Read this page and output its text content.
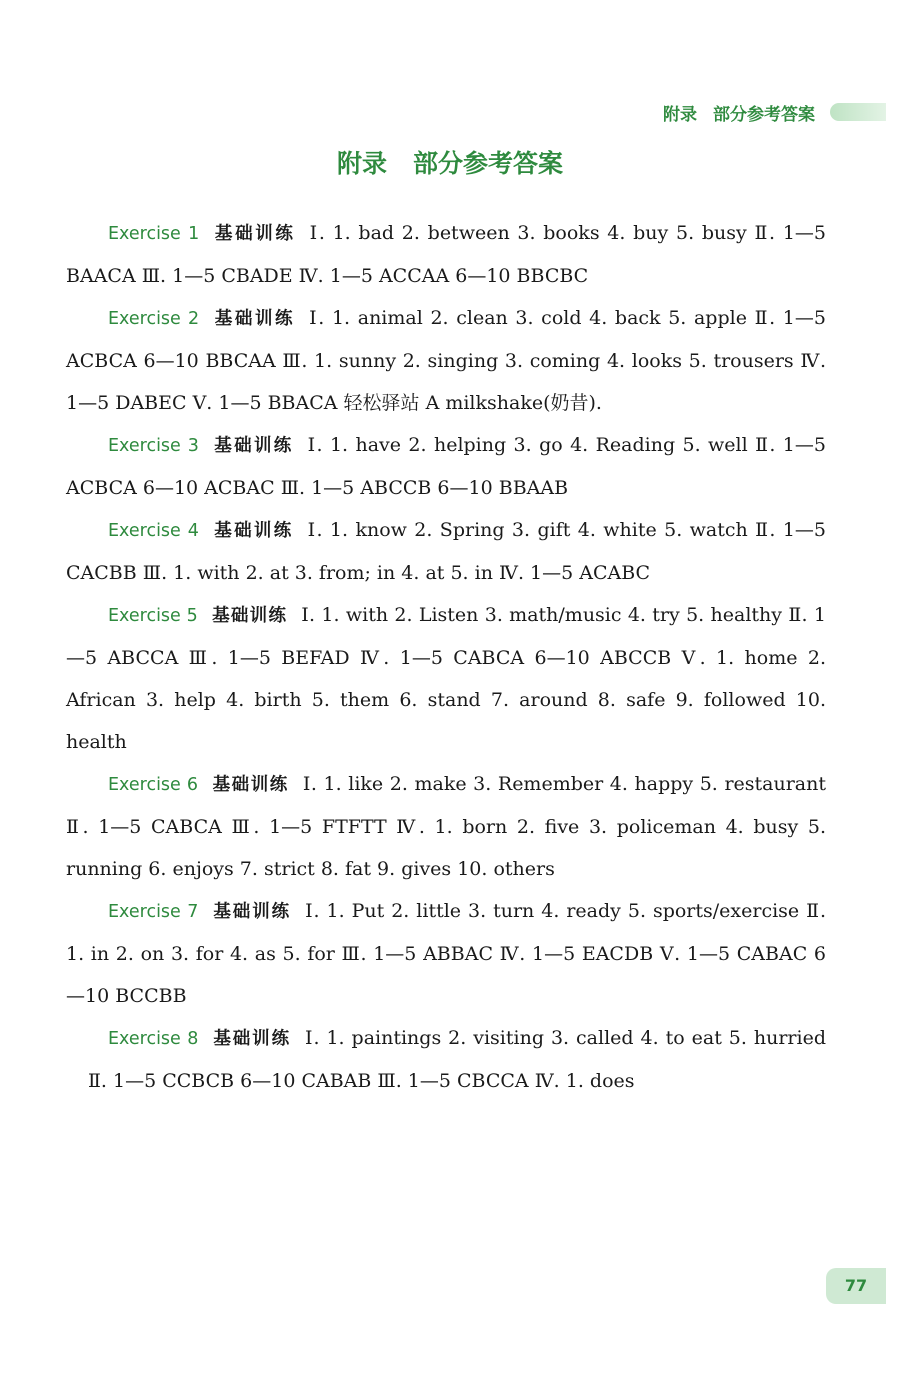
附录 部分参考答案
附录 部分参考答案

Exercise 1 基础训练 Ⅰ. 1. bad 2. between 3. books 4. buy 5. busy Ⅱ. 1—5 BAACA Ⅲ. 1—5 CBADE Ⅳ. 1—5 ACCAA 6—10 BBCBC

Exercise 2 基础训练 Ⅰ. 1. animal 2. clean 3. cold 4. back 5. apple Ⅱ. 1—5 ACBCA 6—10 BBCAA Ⅲ. 1. sunny 2. singing 3. coming 4. looks 5. trousers Ⅳ. 1—5 DABEC Ⅴ. 1—5 BBACA 轻松驿站 A milkshake(奶昔).

Exercise 3 基础训练 Ⅰ. 1. have 2. helping 3. go 4. Reading 5. well Ⅱ. 1—5 ACBCA 6—10 ACBAC Ⅲ. 1—5 ABCCB 6—10 BBAAB

Exercise 4 基础训练 Ⅰ. 1. know 2. Spring 3. gift 4. white 5. watch Ⅱ. 1—5 CACBB Ⅲ. 1. with 2. at 3. from; in 4. at 5. in Ⅳ. 1—5 ACABC

Exercise 5 基础训练 Ⅰ. 1. with 2. Listen 3. math/music 4. try 5. healthy Ⅱ. 1—5 ABCCA Ⅲ. 1—5 BEFAD Ⅳ. 1—5 CABCA 6—10 ABCCB Ⅴ. 1. home 2. African 3. help 4. birth 5. them 6. stand 7. around 8. safe 9. followed 10. health

Exercise 6 基础训练 Ⅰ. 1. like 2. make 3. Remember 4. happy 5. restaurant Ⅱ. 1—5 CABCA Ⅲ. 1—5 FTFTT Ⅳ. 1. born 2. five 3. policeman 4. busy 5. running 6. enjoys 7. strict 8. fat 9. gives 10. others

Exercise 7 基础训练 Ⅰ. 1. Put 2. little 3. turn 4. ready 5. sports/exercise Ⅱ. 1. in 2. on 3. for 4. as 5. for Ⅲ. 1—5 ABBAC Ⅳ. 1—5 EACDB Ⅴ. 1—5 CABAC 6—10 BCCBB

Exercise 8 基础训练 Ⅰ. 1. paintings 2. visiting 3. called 4. to eat 5. hurried Ⅱ. 1—5 CCBCB 6—10 CABAB Ⅲ. 1—5 CBCCA Ⅳ. 1. does

77
